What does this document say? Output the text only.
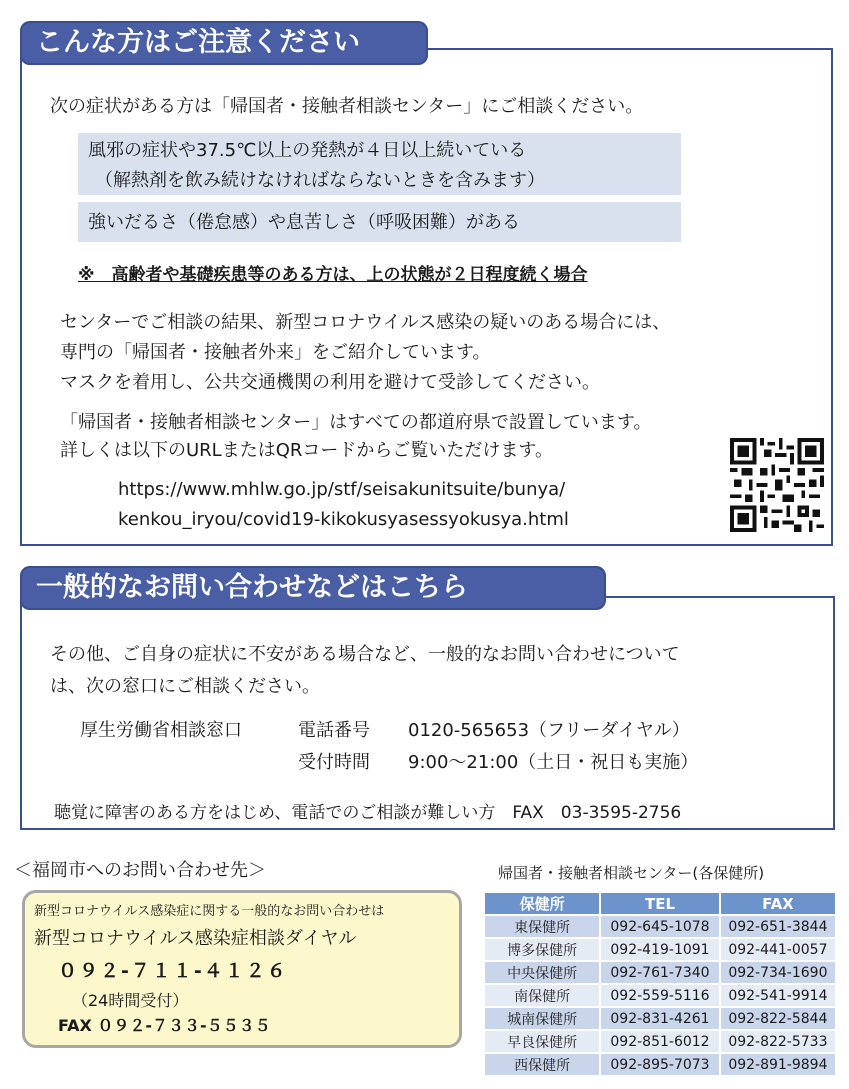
こんな方はご注意ください
次の症状がある方は「帰国者・接触者相談センター」にご相談ください。
風邪の症状や37.5℃以上の発熱が４日以上続いている
（解熱剤を飲み続けなければならないときを含みます）
強いだるさ（倦怠感）や息苦しさ（呼吸困難）がある
※　高齢者や基礎疾患等のある方は、上の状態が２日程度続く場合
センターでご相談の結果、新型コロナウイルス感染の疑いのある場合には、
専門の「帰国者・接触者外来」をご紹介しています。
マスクを着用し、公共交通機関の利用を避けて受診してください。
「帰国者・接触者相談センター」はすべての都道府県で設置しています。
詳しくは以下のURLまたはQRコードからご覧いただけます。
https://www.mhlw.go.jp/stf/seisakunitsuite/bunya/
kenkou_iryou/covid19-kikokusyasessyokusya.html
一般的なお問い合わせなどはこちら
その他、ご自身の症状に不安がある場合など、一般的なお問い合わせについて
は、次の窓口にご相談ください。
厚生労働省相談窓口	電話番号 0120-565653（フリーダイヤル）
受付時間 9:00～21:00（土日・祝日も実施）
聴覚に障害のある方をはじめ、電話でのご相談が難しい方　FAX　03-3595-2756
＜福岡市へのお問い合わせ先＞
新型コロナウイルス感染症に関する一般的なお問い合わせは
新型コロナウイルス感染症相談ダイヤル
０９２-７１１-４１２６
（24時間受付）
FAX ０９２-７３３-５５３５
帰国者・接触者相談センター(各保健所)
保健所	TEL	FAX
東保健所	092-645-1078	092-651-3844
博多保健所	092-419-1091	092-441-0057
中央保健所	092-761-7340	092-734-1690
南保健所	092-559-5116	092-541-9914
城南保健所	092-831-4261	092-822-5844
早良保健所	092-851-6012	092-822-5733
西保健所	092-895-7073	092-891-9894
